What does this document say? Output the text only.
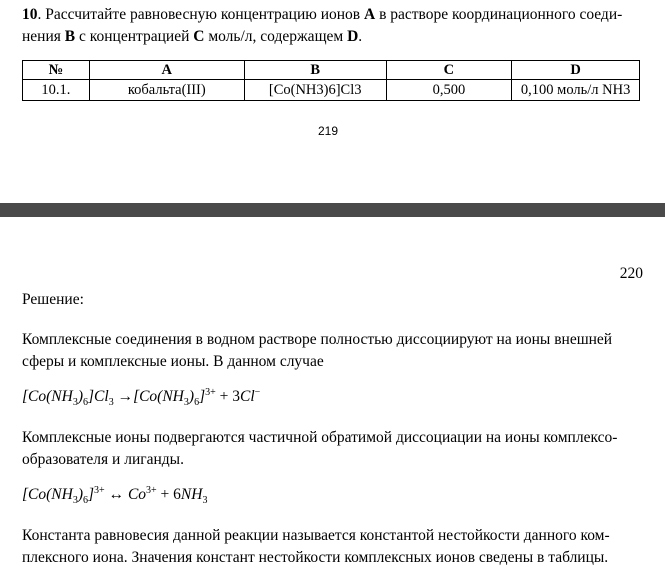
10. Рассчитайте равновесную концентрацию ионов A в растворе координационного соеди-нения B с концентрацией C моль/л, содержащем D.
№	A	B	C	D
10.1.	кобальта(III)	[Co(NH3)6]Cl3	0,500	0,100 моль/л NH3
219
220
Решение:
Комплексные соединения в водном растворе полностью диссоциируют на ионы внешней сферы и комплексные ионы. В данном случае
$[Co(NH_3)_6]Cl_3 \to[Co(NH_3)_6]^{3+} + 3Cl^-$
Комплексные ионы подвергаются частичной обратимой диссоциации на ионы комплексо-образователя и лиганды.
$[Co(NH_3)_6]^{3+}$ ↔ $Co^{3+} + 6NH_3$
Константа равновесия данной реакции называется константой нестойкости данного ком-плексного иона. Значения констант нестойкости комплексных ионов сведены в таблицы.
